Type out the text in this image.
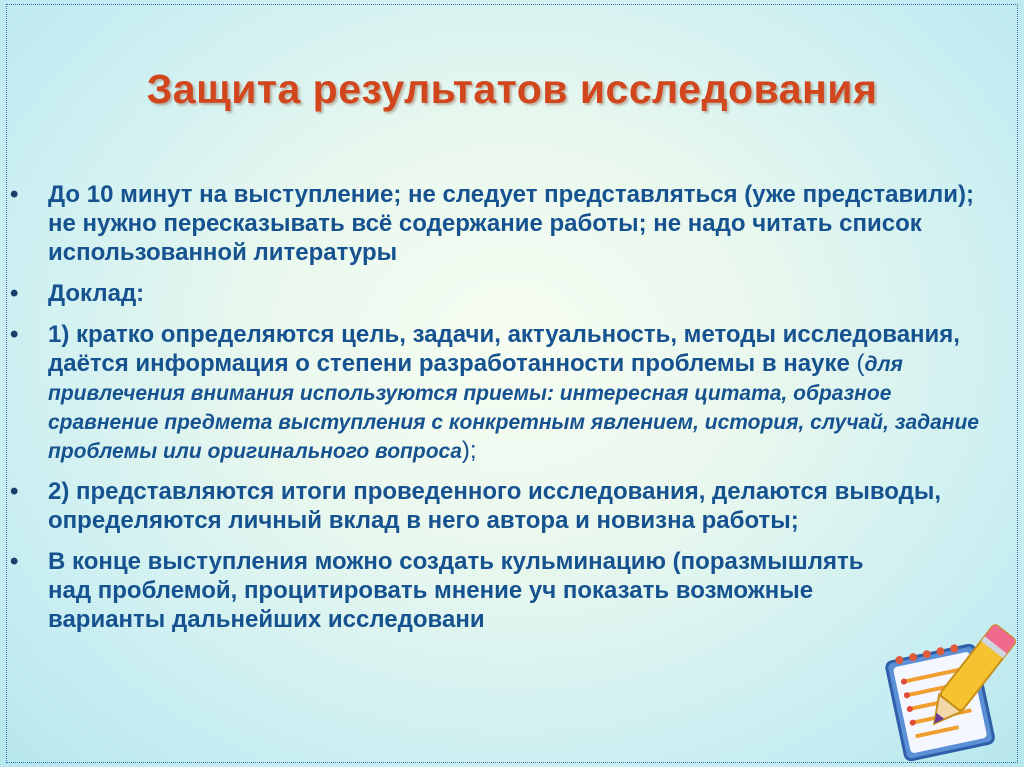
Защита результатов исследования
•	До 10 минут на выступление; не следует представляться (уже представили); не нужно пересказывать всё содержание работы; не надо читать список использованной литературы
•	Доклад:
•	1) кратко определяются цель, задачи, актуальность, методы исследования, даётся информация о степени разработанности проблемы в науке (для привлечения внимания используются приемы: интересная цитата, образное сравнение предмета выступления с конкретным явлением, история, случай, задание проблемы или оригинального вопроса);
•	2) представляются итоги проведенного исследования, делаются выводы, определяются личный вклад в него автора и новизна работы;
•	В конце выступления можно создать кульминацию (поразмышлять над проблемой, процитировать мнение уч показать возможные варианты дальнейших исследовани
